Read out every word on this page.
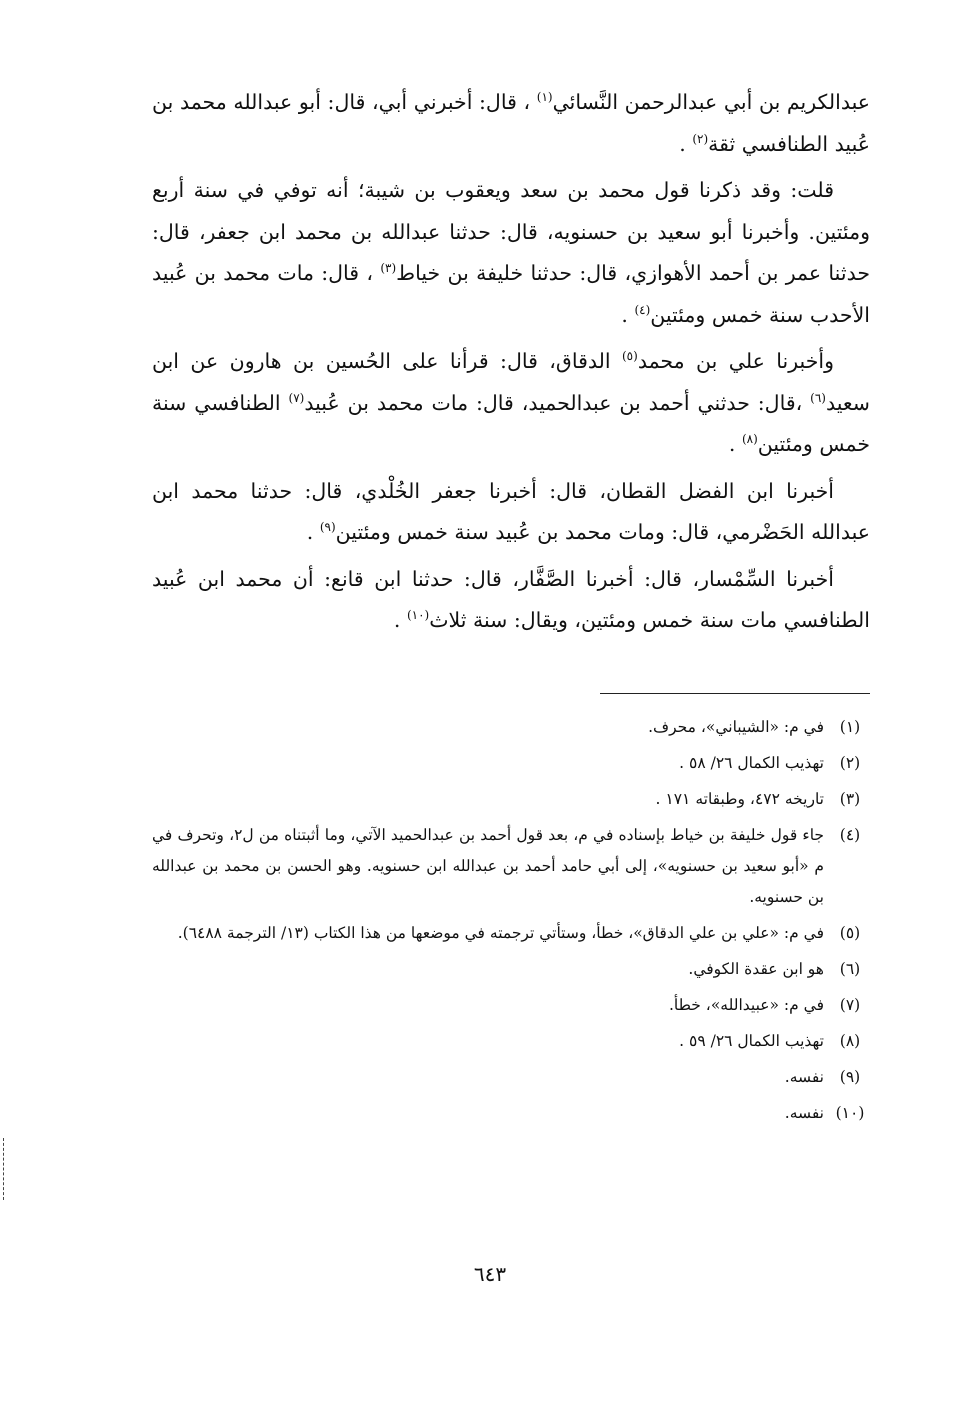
عبدالكريم بن أبي عبدالرحمن النَّسائي$^{(١)}$ ، قال: أخبرني أبي، قال: أبو عبدالله محمد بن عُبيد الطنافسي ثقة$^{(٢)}$ .

قلت: وقد ذكرنا قول محمد بن سعد ويعقوب بن شيبة؛ أنه توفي في سنة أربع ومئتين. وأخبرنا أبو سعيد بن حسنويه، قال: حدثنا عبدالله بن محمد ابن جعفر، قال: حدثنا عمر بن أحمد الأهوازي، قال: حدثنا خليفة بن خياط$^{(٣)}$ ، قال: مات محمد بن عُبيد الأحدب سنة خمس ومئتين$^{(٤)}$ .

وأخبرنا علي بن محمد$^{(٥)}$ الدقاق، قال: قرأنا على الحُسين بن هارون عن ابن سعيد$^{(٦)}$ ،قال: حدثني أحمد بن عبدالحميد، قال: مات محمد بن عُبيد$^{(٧)}$ الطنافسي سنة خمس ومئتين$^{(٨)}$ .

أخبرنا ابن الفضل القطان، قال: أخبرنا جعفر الخُلْدي، قال: حدثنا محمد ابن عبدالله الحَضْرمي، قال: ومات محمد بن عُبيد سنة خمس ومئتين$^{(٩)}$ .

أخبرنا السِّمْسار، قال: أخبرنا الصَّفَّار، قال: حدثنا ابن قانع: أن محمد ابن عُبيد الطنافسي مات سنة خمس ومئتين، ويقال: سنة ثلاث$^{(١٠)}$ .

(١)
في م: «الشيباني»، محرف.
(٢)
تهذيب الكمال ٢٦/ ٥٨ .
(٣)
تاريخه ٤٧٢، وطبقاته ١٧١ .
(٤)
جاء قول خليفة بن خياط بإسناده في م، بعد قول أحمد بن عبدالحميد الآتي، وما أثبتناه من ل٢، وتحرف في م «أبو سعيد بن حسنويه»، إلى أبي حامد أحمد بن عبدالله ابن حسنويه. وهو الحسن بن محمد بن عبدالله بن حسنويه.
(٥)
في م: «علي بن علي الدقاق»، خطأ، وستأتي ترجمته في موضعها من هذا الكتاب (١٣/ الترجمة ٦٤٨٨).
(٦)
هو ابن عقدة الكوفي.
(٧)
في م: «عبيدالله»، خطأ.
(٨)
تهذيب الكمال ٢٦/ ٥٩ .
(٩)
نفسه.
(١٠)
نفسه.
٦٤٣
